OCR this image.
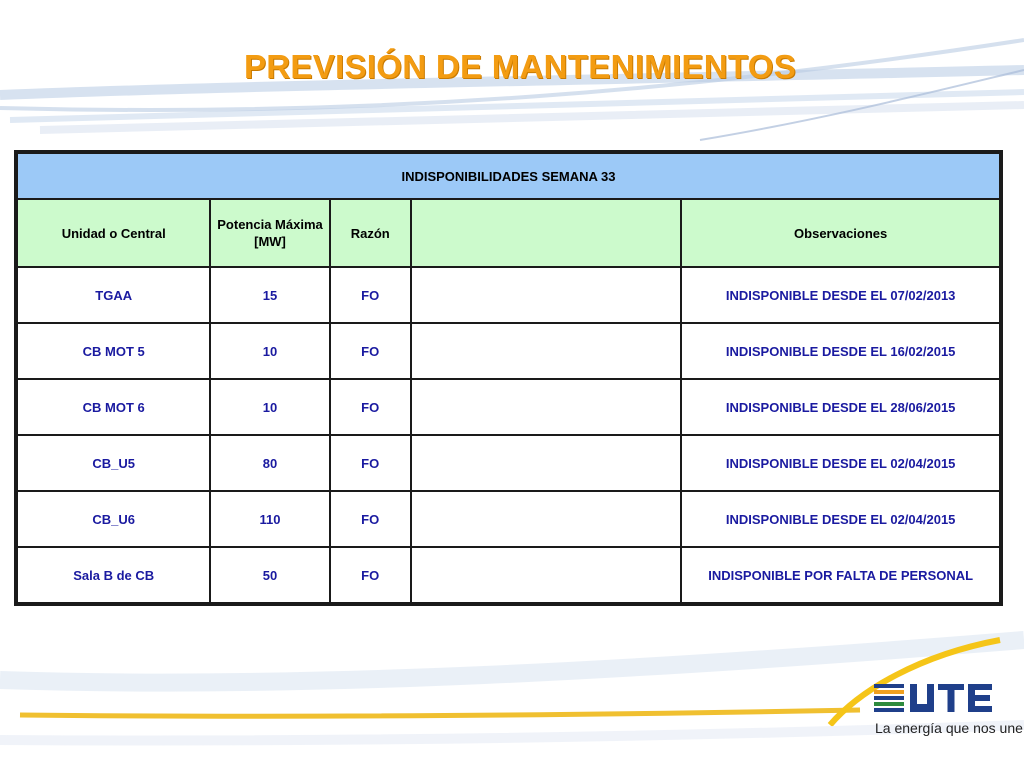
PREVISIÓN DE MANTENIMIENTOS
INDISPONIBILIDADES SEMANA 33				
Unidad o Central	Potencia Máxima [MW]	Razón		Observaciones
TGAA	15	FO		INDISPONIBLE DESDE EL 07/02/2013
CB MOT 5	10	FO		INDISPONIBLE DESDE EL 16/02/2015
CB MOT 6	10	FO		INDISPONIBLE DESDE EL 28/06/2015
CB_U5	80	FO		INDISPONIBLE DESDE EL 02/04/2015
CB_U6	110	FO		INDISPONIBLE DESDE EL 02/04/2015
Sala B de CB	50	FO		INDISPONIBLE POR FALTA DE PERSONAL
La energía que nos une
